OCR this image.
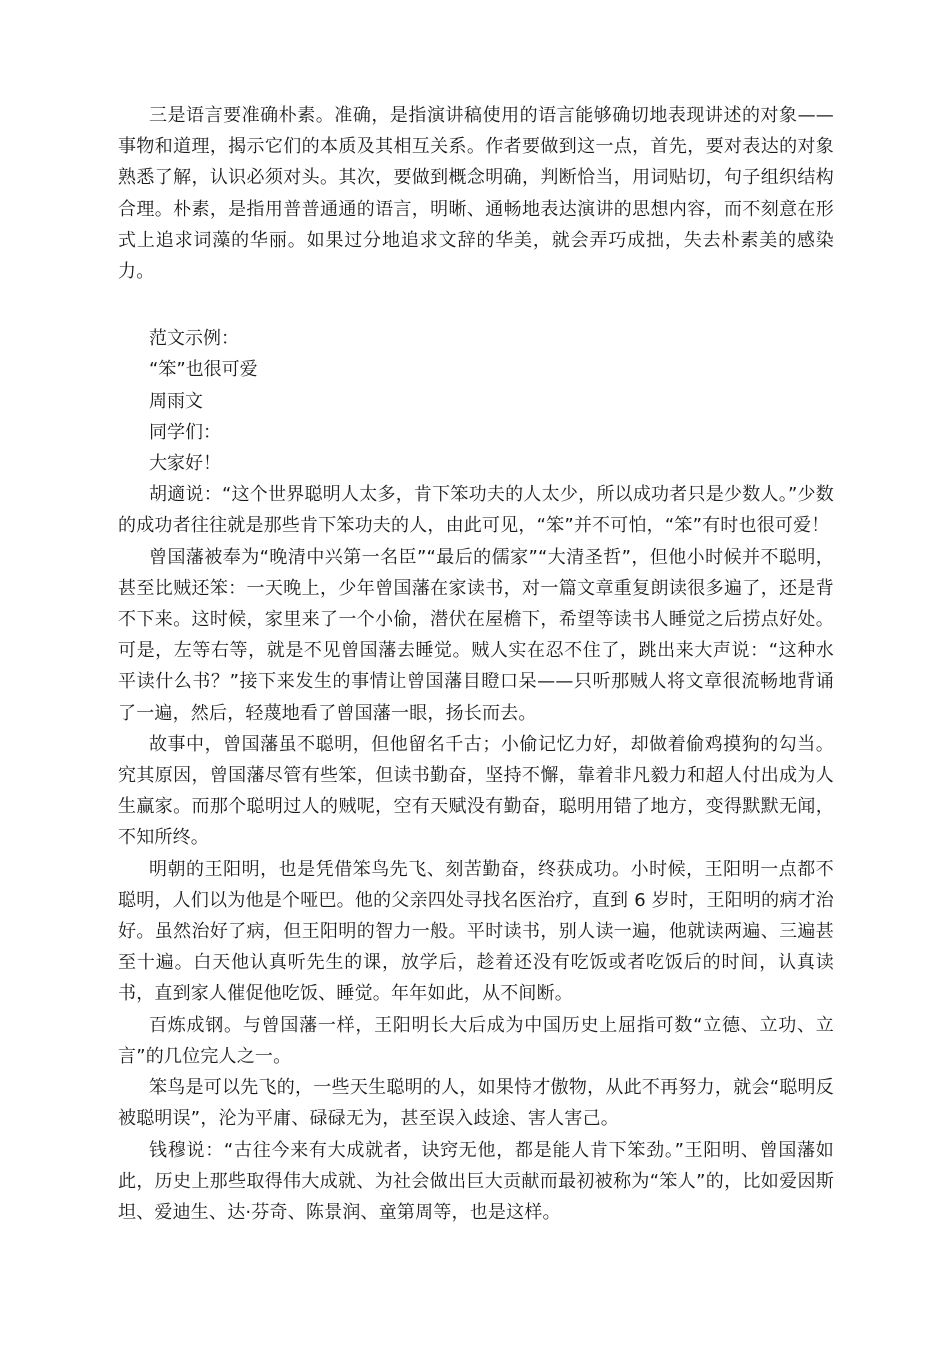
三是语言要准确朴素。准确，是指演讲稿使用的语言能够确切地表现讲述的对象——事物和道理，揭示它们的本质及其相互关系。作者要做到这一点，首先，要对表达的对象熟悉了解，认识必须对头。其次，要做到概念明确，判断恰当，用词贴切，句子组织结构合理。朴素，是指用普普通通的语言，明晰、通畅地表达演讲的思想内容，而不刻意在形式上追求词藻的华丽。如果过分地追求文辞的华美，就会弄巧成拙，失去朴素美的感染力。

范文示例：

“笨”也很可爱

周雨文

同学们：

大家好！

胡適说：“这个世界聪明人太多，肯下笨功夫的人太少，所以成功者只是少数人。”少数的成功者往往就是那些肯下笨功夫的人，由此可见，“笨”并不可怕，“笨”有时也很可爱！

曾国藩被奉为“晚清中兴第一名臣”“最后的儒家”“大清圣哲”，但他小时候并不聪明，甚至比贼还笨：一天晚上，少年曾国藩在家读书，对一篇文章重复朗读很多遍了，还是背不下来。这时候，家里来了一个小偷，潜伏在屋檐下，希望等读书人睡觉之后捞点好处。可是，左等右等，就是不见曾国藩去睡觉。贼人实在忍不住了，跳出来大声说：“这种水平读什么书？”接下来发生的事情让曾国藩目瞪口呆——只听那贼人将文章很流畅地背诵了一遍，然后，轻蔑地看了曾国藩一眼，扬长而去。

故事中，曾国藩虽不聪明，但他留名千古；小偷记忆力好，却做着偷鸡摸狗的勾当。究其原因，曾国藩尽管有些笨，但读书勤奋，坚持不懈，靠着非凡毅力和超人付出成为人生赢家。而那个聪明过人的贼呢，空有天赋没有勤奋，聪明用错了地方，变得默默无闻，不知所终。

明朝的王阳明，也是凭借笨鸟先飞、刻苦勤奋，终获成功。小时候，王阳明一点都不聪明，人们以为他是个哑巴。他的父亲四处寻找名医治疗，直到 6 岁时，王阳明的病才治好。虽然治好了病，但王阳明的智力一般。平时读书，别人读一遍，他就读两遍、三遍甚至十遍。白天他认真听先生的课，放学后，趁着还没有吃饭或者吃饭后的时间，认真读书，直到家人催促他吃饭、睡觉。年年如此，从不间断。

百炼成钢。与曾国藩一样，王阳明长大后成为中国历史上屈指可数“立德、立功、立言”的几位完人之一。

笨鸟是可以先飞的，一些天生聪明的人，如果恃才傲物，从此不再努力，就会“聪明反被聪明误”，沦为平庸、碌碌无为，甚至误入歧途、害人害己。

钱穆说：“古往今来有大成就者，诀窍无他，都是能人肯下笨劲。”王阳明、曾国藩如此，历史上那些取得伟大成就、为社会做出巨大贡献而最初被称为“笨人”的，比如爱因斯坦、爱迪生、达·芬奇、陈景润、童第周等，也是这样。
